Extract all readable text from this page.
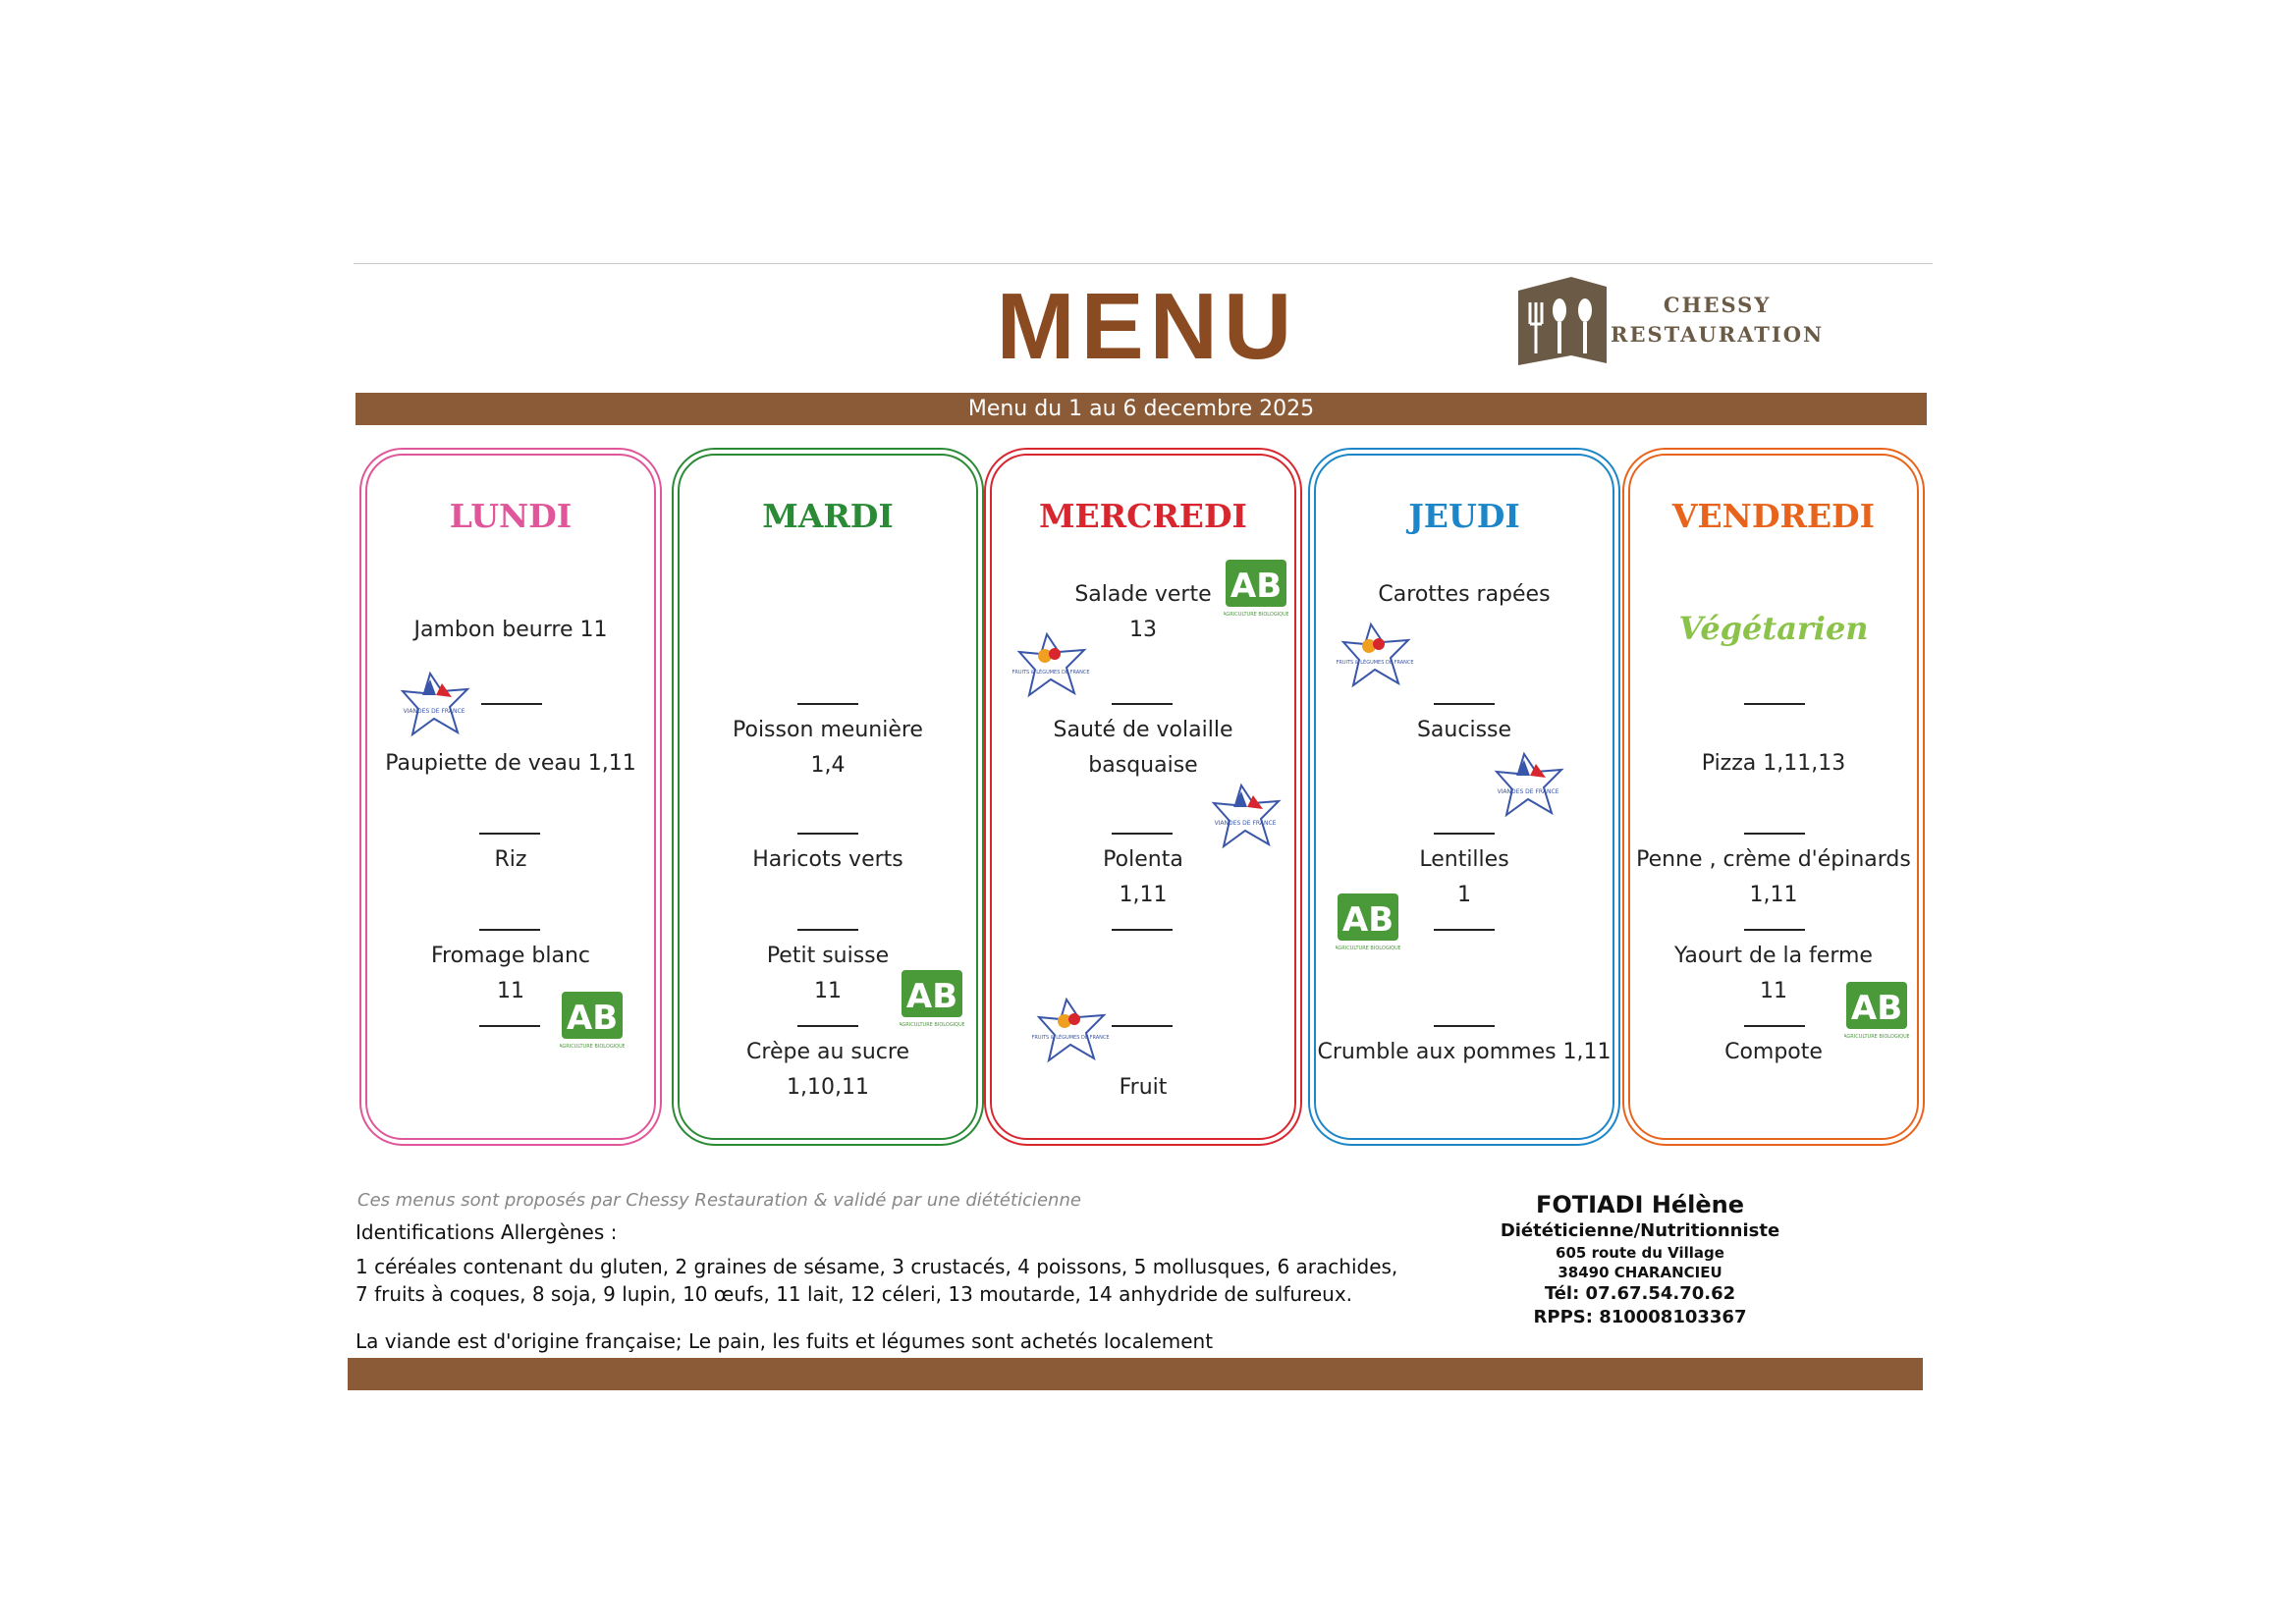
MENU	CHESSY
RESTAURATION
Menu du 1 au 6 decembre 2025
LUNDI
Jambon beurre 11
VIANDES DE FRANCE
Paupiette de veau 1,11
Riz
Fromage blanc
11
AB
AGRICULTURE BIOLOGIQUE
MARDI
Poisson meunière
1,4
Haricots verts
Petit suisse
11	AB
AGRICULTURE BIOLOGIQUE
Crèpe au sucre
1,10,11
MERCREDI
Salade verte
13
AB
AGRICULTURE BIOLOGIQUE
FRUITS & LÉGUMES DE FRANCE
Sauté de volaille
basquaise
VIANDES DE FRANCE
Polenta
1,11
FRUITS & LÉGUMES DE FRANCE
Fruit
JEUDI
Carottes rapées
FRUITS & LÉGUMES DE FRANCE
Saucisse
VIANDES DE FRANCE
Lentilles
1
AB
AGRICULTURE BIOLOGIQUE
Crumble aux pommes 1,11
VENDREDI
Végétarien
Pizza 1,11,13
Penne , crème d'épinards
1,11
Yaourt de la ferme
11	AB
AGRICULTURE BIOLOGIQUE
Compote
Ces menus sont proposés par Chessy Restauration & validé par une diététicienne
Identifications Allergènes :
1 céréales contenant du gluten, 2 graines de sésame, 3 crustacés, 4 poissons, 5 mollusques, 6 arachides,
7 fruits à coques, 8 soja, 9 lupin, 10 œufs, 11 lait, 12 céleri, 13 moutarde, 14 anhydride de sulfureux.
La viande est d'origine française; Le pain, les fuits et légumes sont achetés localement
FOTIADI Hélène
Diététicienne/Nutritionniste
605 route du Village
38490 CHARANCIEU
Tél: 07.67.54.70.62
RPPS: 810008103367
